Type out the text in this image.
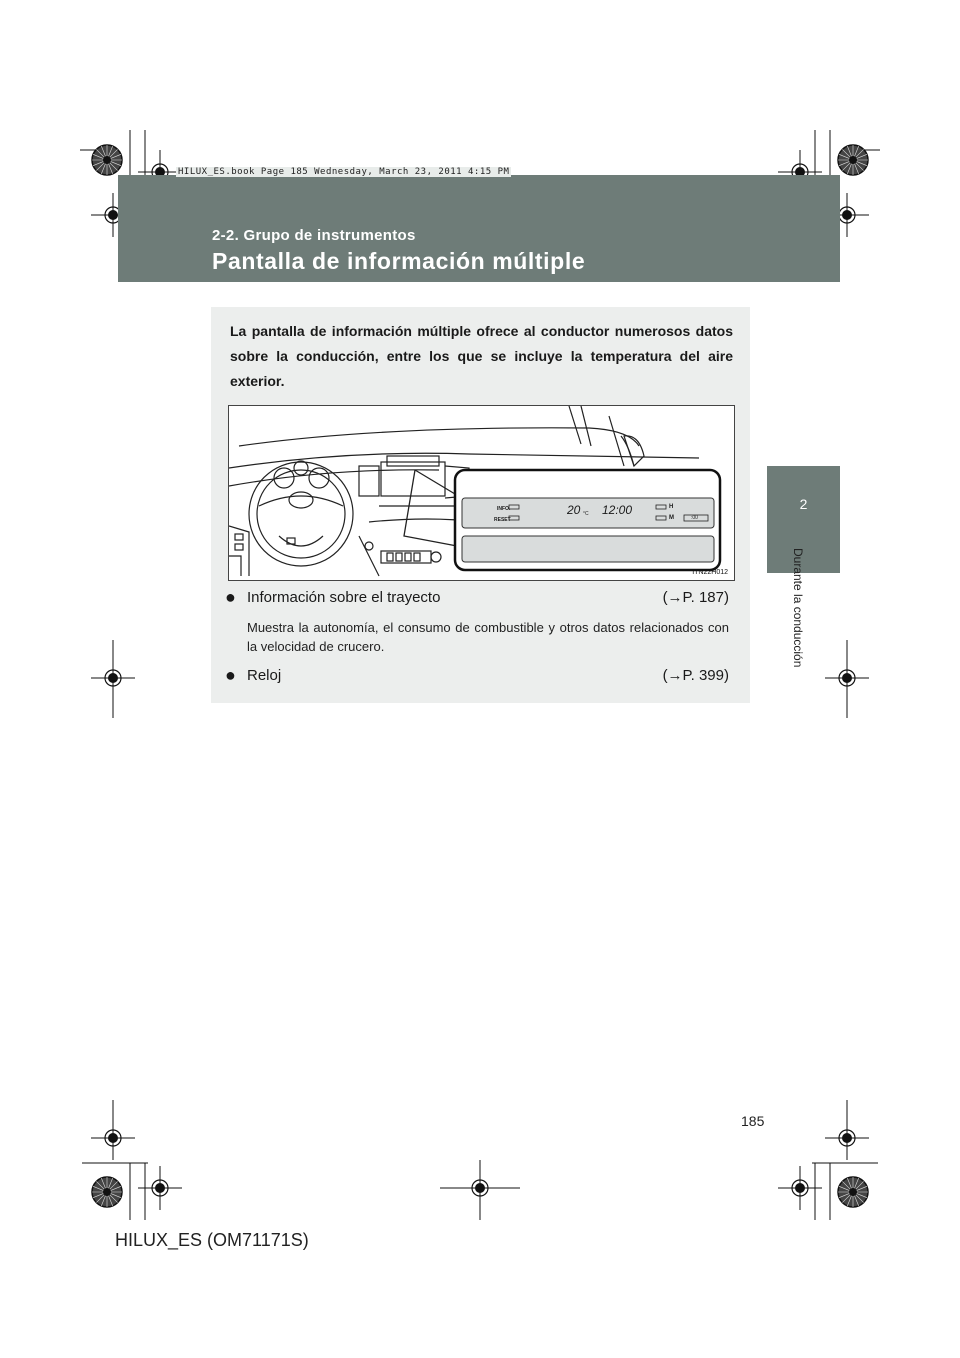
2-2. Grupo de instrumentos
Pantalla de información múltiple
HILUX_ES.book Page 185 Wednesday, March 23, 2011 4:15 PM
2
Durante la conducción

La pantalla de información múltiple ofrece al conductor numerosos datos sobre la conducción, entre los que se incluye la temperatura del aire exterior.

INFO.
RESET
20 °C 12:00	H
M	:00
ITN22H012
● Información sobre el trayecto	(→P. 187)

Muestra la autonomía, el consumo de combustible y otros datos relacionados con la velocidad de crucero.

● Reloj	(→P. 399)
185
HILUX_ES (OM71171S)
